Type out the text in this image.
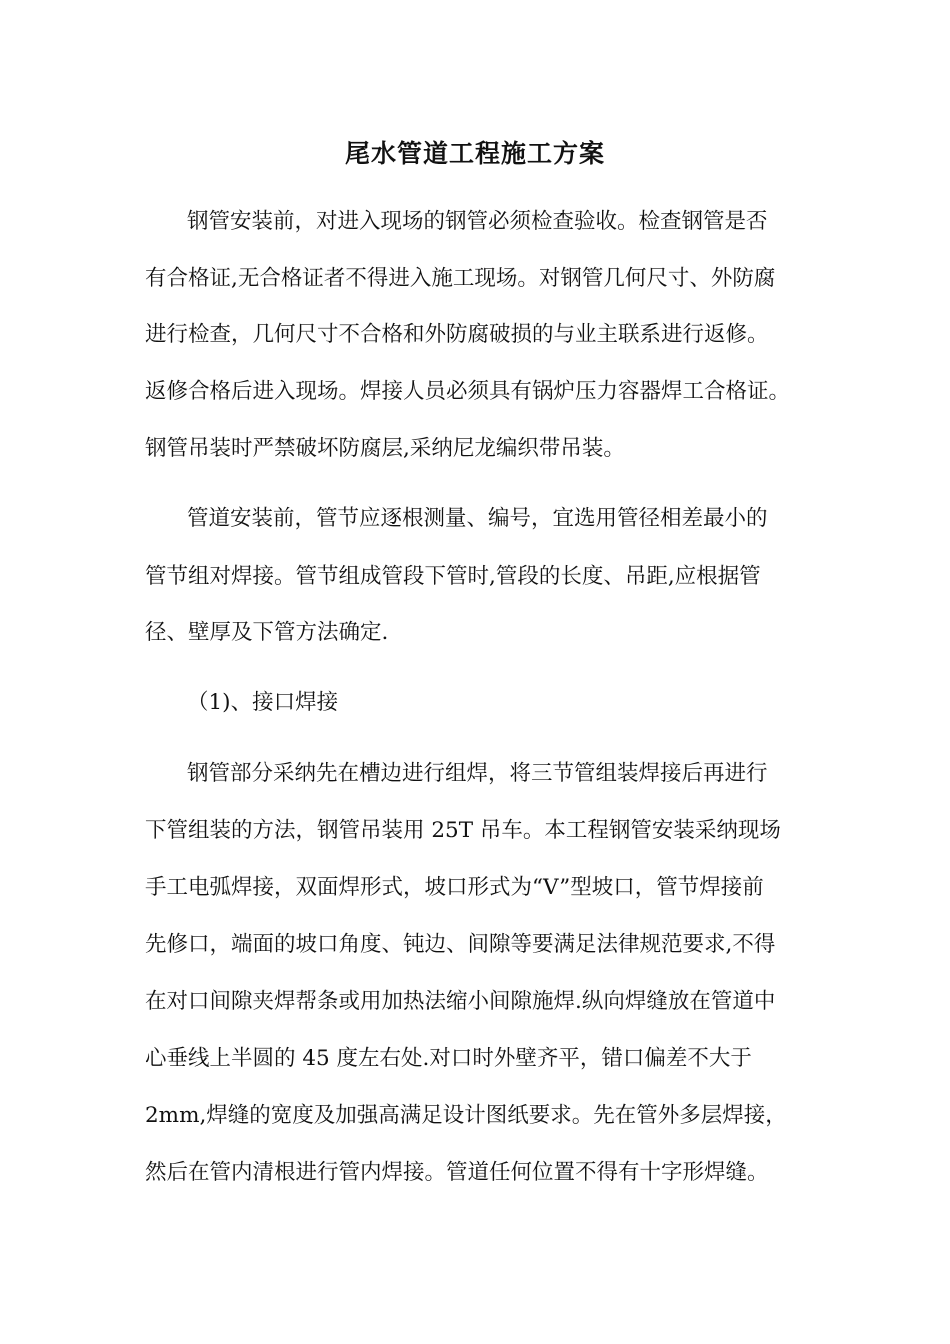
尾水管道工程施工方案

钢管安装前，对进入现场的钢管必须检查验收。检查钢管是否

有合格证,无合格证者不得进入施工现场。对钢管几何尺寸、外防腐

进行检查，几何尺寸不合格和外防腐破损的与业主联系进行返修。

返修合格后进入现场。焊接人员必须具有锅炉压力容器焊工合格证。

钢管吊装时严禁破坏防腐层,采纳尼龙编织带吊装。

管道安装前，管节应逐根测量、编号，宜选用管径相差最小的

管节组对焊接。管节组成管段下管时,管段的长度、吊距,应根据管

径、壁厚及下管方法确定.

（1)、接口焊接

钢管部分采纳先在槽边进行组焊，将三节管组装焊接后再进行

下管组装的方法，钢管吊装用 25T 吊车。本工程钢管安装采纳现场

手工电弧焊接，双面焊形式，坡口形式为“V”型坡口，管节焊接前

先修口，端面的坡口角度、钝边、间隙等要满足法律规范要求,不得

在对口间隙夹焊帮条或用加热法缩小间隙施焊.纵向焊缝放在管道中

心垂线上半圆的 45 度左右处.对口时外壁齐平，错口偏差不大于

2mm,焊缝的宽度及加强高满足设计图纸要求。先在管外多层焊接，

然后在管内清根进行管内焊接。管道任何位置不得有十字形焊缝。
